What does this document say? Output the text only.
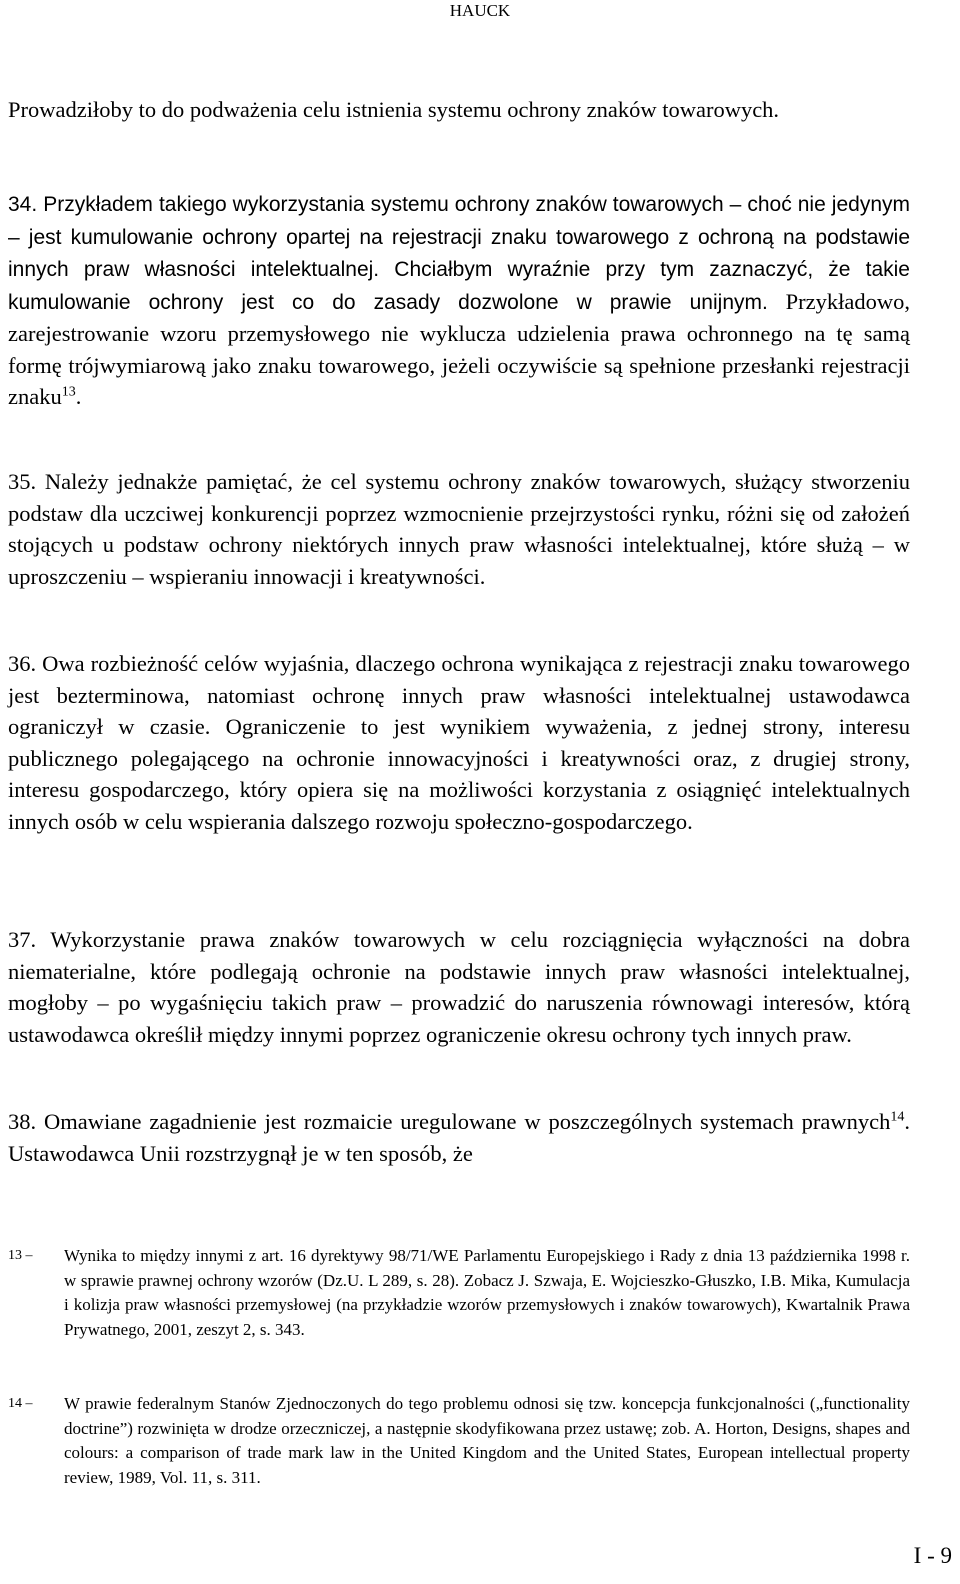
HAUCK

Prowadziłoby to do podważenia celu istnienia systemu ochrony znaków towarowych.

34. Przykładem takiego wykorzystania systemu ochrony znaków towarowych – choć nie jedynym – jest kumulowanie ochrony opartej na rejestracji znaku towarowego z ochroną na podstawie innych praw własności intelektualnej. Chciałbym wyraźnie przy tym zaznaczyć, że takie kumulowanie ochrony jest co do zasady dozwolone w prawie unijnym. Przykładowo, zarejestrowanie wzoru przemysłowego nie wyklucza udzielenia prawa ochronnego na tę samą formę trójwymiarową jako znaku towarowego, jeżeli oczywiście są spełnione przesłanki rejestracji znaku$^{13}$.

35. Należy jednakże pamiętać, że cel systemu ochrony znaków towarowych, służący stworzeniu podstaw dla uczciwej konkurencji poprzez wzmocnienie przejrzystości rynku, różni się od założeń stojących u podstaw ochrony niektórych innych praw własności intelektualnej, które służą – w uproszczeniu – wspieraniu innowacji i kreatywności.

36. Owa rozbieżność celów wyjaśnia, dlaczego ochrona wynikająca z rejestracji znaku towarowego jest bezterminowa, natomiast ochronę innych praw własności intelektualnej ustawodawca ograniczył w czasie. Ograniczenie to jest wynikiem wyważenia, z jednej strony, interesu publicznego polegającego na ochronie innowacyjności i kreatywności oraz, z drugiej strony, interesu gospodarczego, który opiera się na możliwości korzystania z osiągnięć intelektualnych innych osób w celu wspierania dalszego rozwoju społeczno-gospodarczego.

37. Wykorzystanie prawa znaków towarowych w celu rozciągnięcia wyłączności na dobra niematerialne, które podlegają ochronie na podstawie innych praw własności intelektualnej, mogłoby – po wygaśnięciu takich praw – prowadzić do naruszenia równowagi interesów, którą ustawodawca określił między innymi poprzez ograniczenie okresu ochrony tych innych praw.

38. Omawiane zagadnienie jest rozmaicie uregulowane w poszczególnych systemach prawnych$^{14}$. Ustawodawca Unii rozstrzygnął je w ten sposób, że

13 –	Wynika to między innymi z art. 16 dyrektywy 98/71/WE Parlamentu Europejskiego i Rady z dnia 13 października 1998 r. w sprawie prawnej ochrony wzorów (Dz.U. L 289, s. 28). Zobacz J. Szwaja, E. Wojcieszko-Głuszko, I.B. Mika, Kumulacja i kolizja praw własności przemysłowej (na przykładzie wzorów przemysłowych i znaków towarowych), Kwartalnik Prawa Prywatnego, 2001, zeszyt 2, s. 343.
14 –	W prawie federalnym Stanów Zjednoczonych do tego problemu odnosi się tzw. koncepcja funkcjonalności („functionality doctrine”) rozwinięta w drodze orzeczniczej, a następnie skodyfikowana przez ustawę; zob. A. Horton, Designs, shapes and colours: a comparison of trade mark law in the United Kingdom and the United States, European intellectual property review, 1989, Vol. 11, s. 311.
I - 9
